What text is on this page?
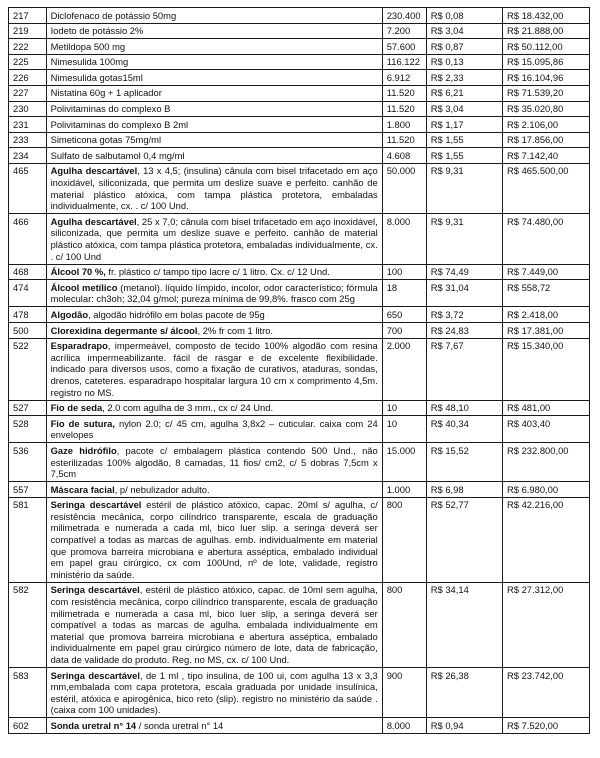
217	Diclofenaco de potássio 50mg	230.400	R$ 0,08	R$ 18.432,00
219	Iodeto de potássio 2%	7.200	R$ 3,04	R$ 21.888,00
222	Metildopa 500 mg	57.600	R$ 0,87	R$ 50.112,00
225	Nimesulida 100mg	116.122	R$ 0,13	R$ 15.095,86
226	Nimesulida gotas15ml	6.912	R$ 2,33	R$ 16.104,96
227	Nistatina 60g + 1 aplicador	11.520	R$ 6,21	R$ 71.539,20
230	Polivitaminas do complexo B	11.520	R$ 3,04	R$ 35.020,80
231	Polivitaminas do complexo B 2ml	1.800	R$ 1,17	R$ 2.106,00
233	Simeticona gotas 75mg/ml	11.520	R$ 1,55	R$ 17.856,00
234	Sulfato de salbutamol 0,4 mg/ml	4.608	R$ 1,55	R$ 7.142,40
465	Agulha descartável, 13 x 4,5; (insulina) cânula com bisel trifacetado em aço inoxidável, siliconizada, que permita um deslize suave e perfeito. canhão de material plástico atóxica, com tampa plástica protetora, embaladas individualmente, cx. . c/ 100 Und.	50.000	R$ 9,31	R$ 465.500,00
466	Agulha descartável, 25 x 7,0; cânula com bisel trifacetado em aço inoxidável, siliconizada, que permita um deslize suave e perfeito. canhão de material plástico atóxica, com tampa plástica protetora, embaladas individualmente, cx. . c/ 100 Und	8.000	R$ 9,31	R$ 74.480,00
468	Álcool 70 %, fr. plástico c/ tampo tipo lacre c/ 1 litro. Cx. c/ 12 Und.	100	R$ 74,49	R$ 7.449,00
474	Álcool metílico (metanol). líquido límpido, incolor, odor característico; fórmula molecular: ch3oh; 32,04 g/mol; pureza mínima de 99,8%. frasco com 25g	18	R$ 31,04	R$ 558,72
478	Algodão, algodão hidrófilo em bolas pacote de 95g	650	R$ 3,72	R$ 2.418,00
500	Clorexidina degermante s/ álcool, 2% fr com 1 litro.	700	R$ 24,83	R$ 17.381,00
522	Esparadrapo, impermeável, composto de tecido 100% algodão com resina acrílica impermeabilizante. fácil de rasgar e de excelente flexibilidade. indicado para diversos usos, como a fixação de curativos, ataduras, sondas, drenos, cateteres. esparadrapo hospitalar largura 10 cm x comprimento 4,5m. registro no MS.	2.000	R$ 7,67	R$ 15.340,00
527	Fio de seda, 2.0 com agulha de 3 mm., cx c/ 24 Und.	10	R$ 48,10	R$ 481,00
528	Fio de sutura, nylon 2.0; c/ 45 cm, agulha 3,8x2 – cuticular. caixa com 24 envelopes	10	R$ 40,34	R$ 403,40
536	Gaze hidrófilo, pacote c/ embalagem plástica contendo 500 Und., não esterilizadas 100% algodão, 8 camadas, 11 fios/ cm2, c/ 5 dobras 7,5cm x 7,5cm	15.000	R$ 15,52	R$ 232.800,00
557	Máscara facial, p/ nebulizador adulto.	1.000	R$ 6,98	R$ 6.980,00
581	Seringa descartável estéril de plástico atóxico, capac. 20ml s/ agulha, c/ resistência mecânica, corpo cilíndrico transparente, escala de graduação milimetrada e numerada a cada ml, bico luer slip. a seringa deverá ser compatível a todas as marcas de agulhas. emb. individualmente em material que promova barreira microbiana e abertura asséptica, embalado individual em papel grau cirúrgico, cx com 100Und, nº de lote, validade, registro ministério da saúde.	800	R$ 52,77	R$ 42.216,00
582	Seringa descartável, estéril de plástico atóxico, capac. de 10ml sem agulha, com resistência mecânica, corpo cilíndrico transparente, escala de graduação milimetrada e numerada a casa ml, bico luer slip, a seringa deverá ser compatível a todas as marcas de agulha. embalada individualmente em material que promova barreira microbiana e abertura asséptica, embalado individualmente em papel grau cirúrgico número de lote, data de fabricação, data de validade do produto. Reg. no MS, cx. c/ 100 Und.	800	R$ 34,14	R$ 27.312,00
583	Seringa descartável, de 1 ml , tipo insulina, de 100 ui, com agulha 13 x 3,3 mm,embalada com capa protetora, escala graduada por unidade insulínica, estéril, atóxica e apirogênica, bico reto (slip). registro no ministério da saúde .(caixa com 100 unidades).	900	R$ 26,38	R$ 23.742,00
602	Sonda uretral n° 14 / sonda uretral n° 14	8.000	R$ 0,94	R$ 7.520,00
